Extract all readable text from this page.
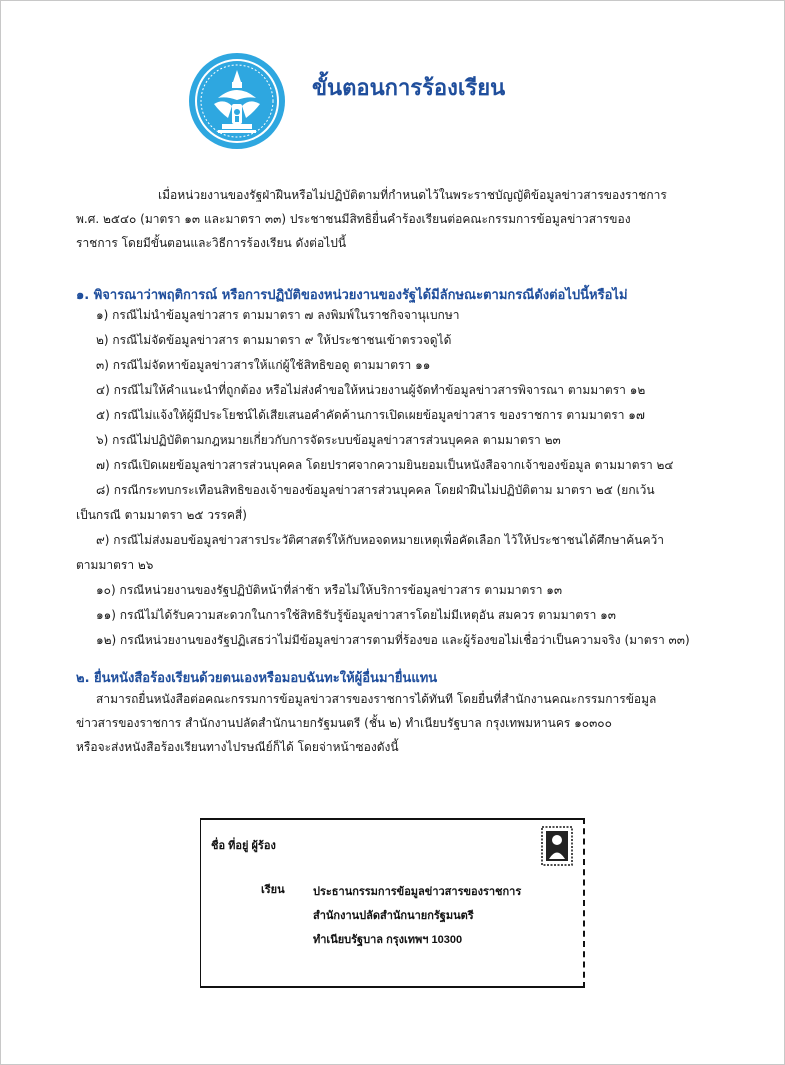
ขั้นตอนการร้องเรียน
เมื่อหน่วยงานของรัฐฝ่าฝืนหรือไม่ปฏิบัติตามที่กำหนดไว้ในพระราชบัญญัติข้อมูลข่าวสารของราชการ
พ.ศ. ๒๕๔๐ (มาตรา ๑๓ และมาตรา ๓๓) ประชาชนมีสิทธิยื่นคำร้องเรียนต่อคณะกรรมการข้อมูลข่าวสารของ
ราชการ โดยมีขั้นตอนและวิธีการร้องเรียน ดังต่อไปนี้
๑. พิจารณาว่าพฤติการณ์ หรือการปฏิบัติของหน่วยงานของรัฐได้มีลักษณะตามกรณีดังต่อไปนี้หรือไม่
๑) กรณีไม่นำข้อมูลข่าวสาร ตามมาตรา ๗ ลงพิมพ์ในราชกิจจานุเบกษา
๒) กรณีไม่จัดข้อมูลข่าวสาร ตามมาตรา ๙ ให้ประชาชนเข้าตรวจดูได้
๓) กรณีไม่จัดหาข้อมูลข่าวสารให้แก่ผู้ใช้สิทธิขอดู ตามมาตรา ๑๑
๔) กรณีไม่ให้คำแนะนำที่ถูกต้อง หรือไม่ส่งคำขอให้หน่วยงานผู้จัดทำข้อมูลข่าวสารพิจารณา ตามมาตรา ๑๒
๕) กรณีไม่แจ้งให้ผู้มีประโยชน์ได้เสียเสนอคำคัดค้านการเปิดเผยข้อมูลข่าวสาร ของราชการ ตามมาตรา ๑๗
๖) กรณีไม่ปฏิบัติตามกฎหมายเกี่ยวกับการจัดระบบข้อมูลข่าวสารส่วนบุคคล ตามมาตรา ๒๓
๗) กรณีเปิดเผยข้อมูลข่าวสารส่วนบุคคล โดยปราศจากความยินยอมเป็นหนังสือจากเจ้าของข้อมูล ตามมาตรา ๒๔
๘) กรณีกระทบกระเทือนสิทธิของเจ้าของข้อมูลข่าวสารส่วนบุคคล โดยฝ่าฝืนไม่ปฏิบัติตาม มาตรา ๒๕ (ยกเว้น
เป็นกรณี ตามมาตรา ๒๕ วรรคสี่)
๙) กรณีไม่ส่งมอบข้อมูลข่าวสารประวัติศาสตร์ให้กับหอจดหมายเหตุเพื่อคัดเลือก ไว้ให้ประชาชนได้ศึกษาค้นคว้า
ตามมาตรา ๒๖
๑๐) กรณีหน่วยงานของรัฐปฏิบัติหน้าที่ล่าช้า หรือไม่ให้บริการข้อมูลข่าวสาร ตามมาตรา ๑๓
๑๑) กรณีไม่ได้รับความสะดวกในการใช้สิทธิรับรู้ข้อมูลข่าวสารโดยไม่มีเหตุอัน สมควร ตามมาตรา ๑๓
๑๒) กรณีหน่วยงานของรัฐปฏิเสธว่าไม่มีข้อมูลข่าวสารตามที่ร้องขอ และผู้ร้องขอไม่เชื่อว่าเป็นความจริง (มาตรา ๓๓)
๒. ยื่นหนังสือร้องเรียนด้วยตนเองหรือมอบฉันทะให้ผู้อื่นมายื่นแทน
สามารถยื่นหนังสือต่อคณะกรรมการข้อมูลข่าวสารของราชการได้ทันที โดยยื่นที่สำนักงานคณะกรรมการข้อมูล
ข่าวสารของราชการ สำนักงานปลัดสำนักนายกรัฐมนตรี (ชั้น ๒) ทำเนียบรัฐบาล กรุงเทพมหานคร ๑๐๓๐๐
หรือจะส่งหนังสือร้องเรียนทางไปรษณีย์ก็ได้ โดยจ่าหน้าซองดังนี้
ชื่อ ที่อยู่ ผู้ร้อง
เรียน	ประธานกรรมการข้อมูลข่าวสารของราชการ
สำนักงานปลัดสำนักนายกรัฐมนตรี
ทำเนียบรัฐบาล กรุงเทพฯ 10300
